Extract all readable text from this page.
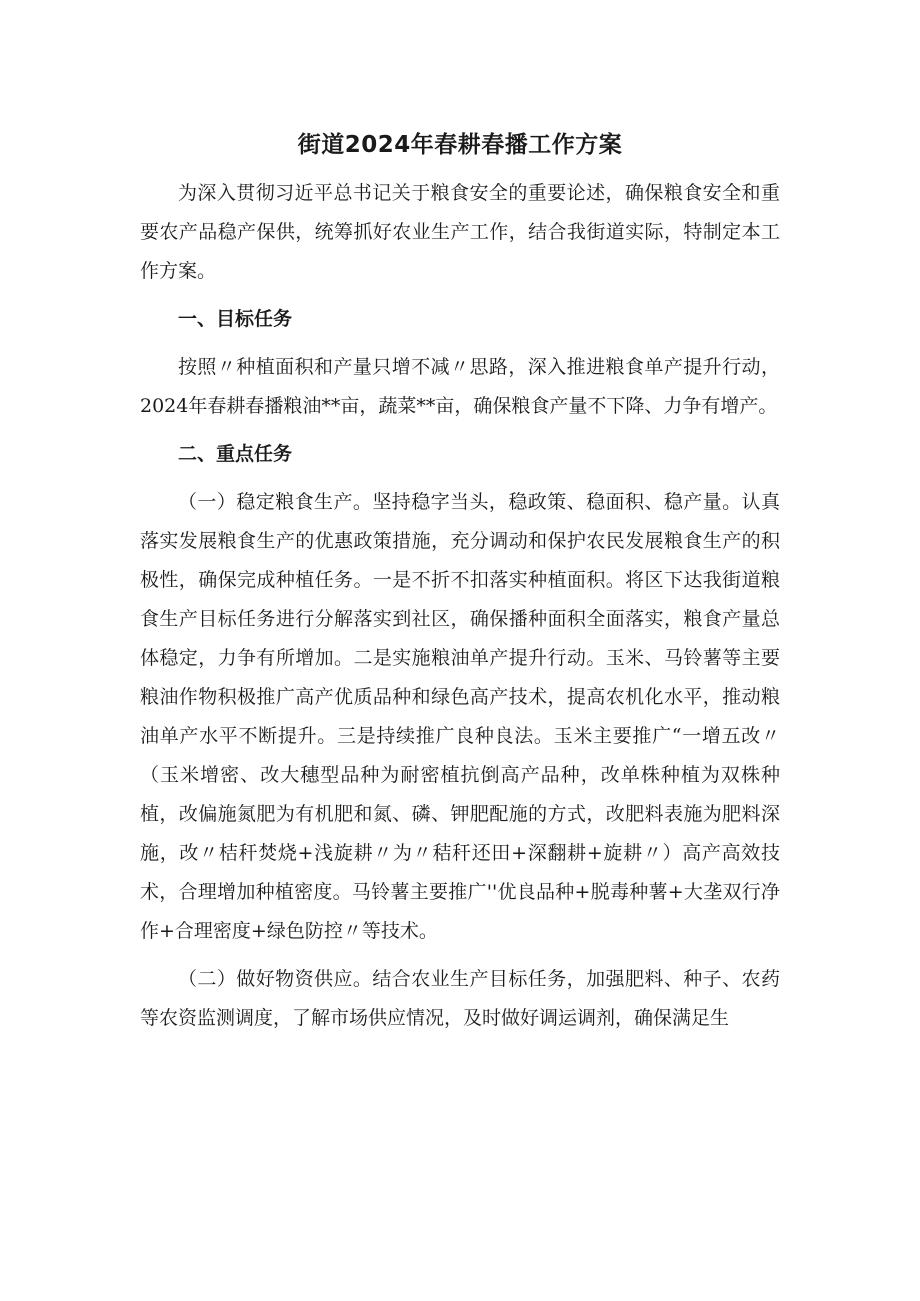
街道2024年春耕春播工作方案

为深入贯彻习近平总书记关于粮食安全的重要论述，确保粮食安全和重要农产品稳产保供，统筹抓好农业生产工作，结合我街道实际，特制定本工作方案。

一、目标任务

按照〃种植面积和产量只增不减〃思路，深入推进粮食单产提升行动，2024年春耕春播粮油**亩，蔬菜**亩，确保粮食产量不下降、力争有增产。

二、重点任务

（一）稳定粮食生产。坚持稳字当头，稳政策、稳面积、稳产量。认真落实发展粮食生产的优惠政策措施，充分调动和保护农民发展粮食生产的积极性，确保完成种植任务。一是不折不扣落实种植面积。将区下达我街道粮食生产目标任务进行分解落实到社区，确保播种面积全面落实，粮食产量总体稳定，力争有所增加。二是实施粮油单产提升行动。玉米、马铃薯等主要粮油作物积极推广高产优质品种和绿色高产技术，提高农机化水平，推动粮油单产水平不断提升。三是持续推广良种良法。玉米主要推广“一增五改〃（玉米增密、改大穗型品种为耐密植抗倒高产品种，改单株种植为双株种植，改偏施氮肥为有机肥和氮、磷、钾肥配施的方式，改肥料表施为肥料深施，改〃桔秆焚烧+浅旋耕〃为〃秸秆还田+深翻耕+旋耕〃）高产高效技术，合理增加种植密度。马铃薯主要推广''优良品种+脱毒种薯+大垄双行净作+合理密度+绿色防控〃等技术。

（二）做好物资供应。结合农业生产目标任务，加强肥料、种子、农药等农资监测调度，了解市场供应情况，及时做好调运调剂，确保满足生
